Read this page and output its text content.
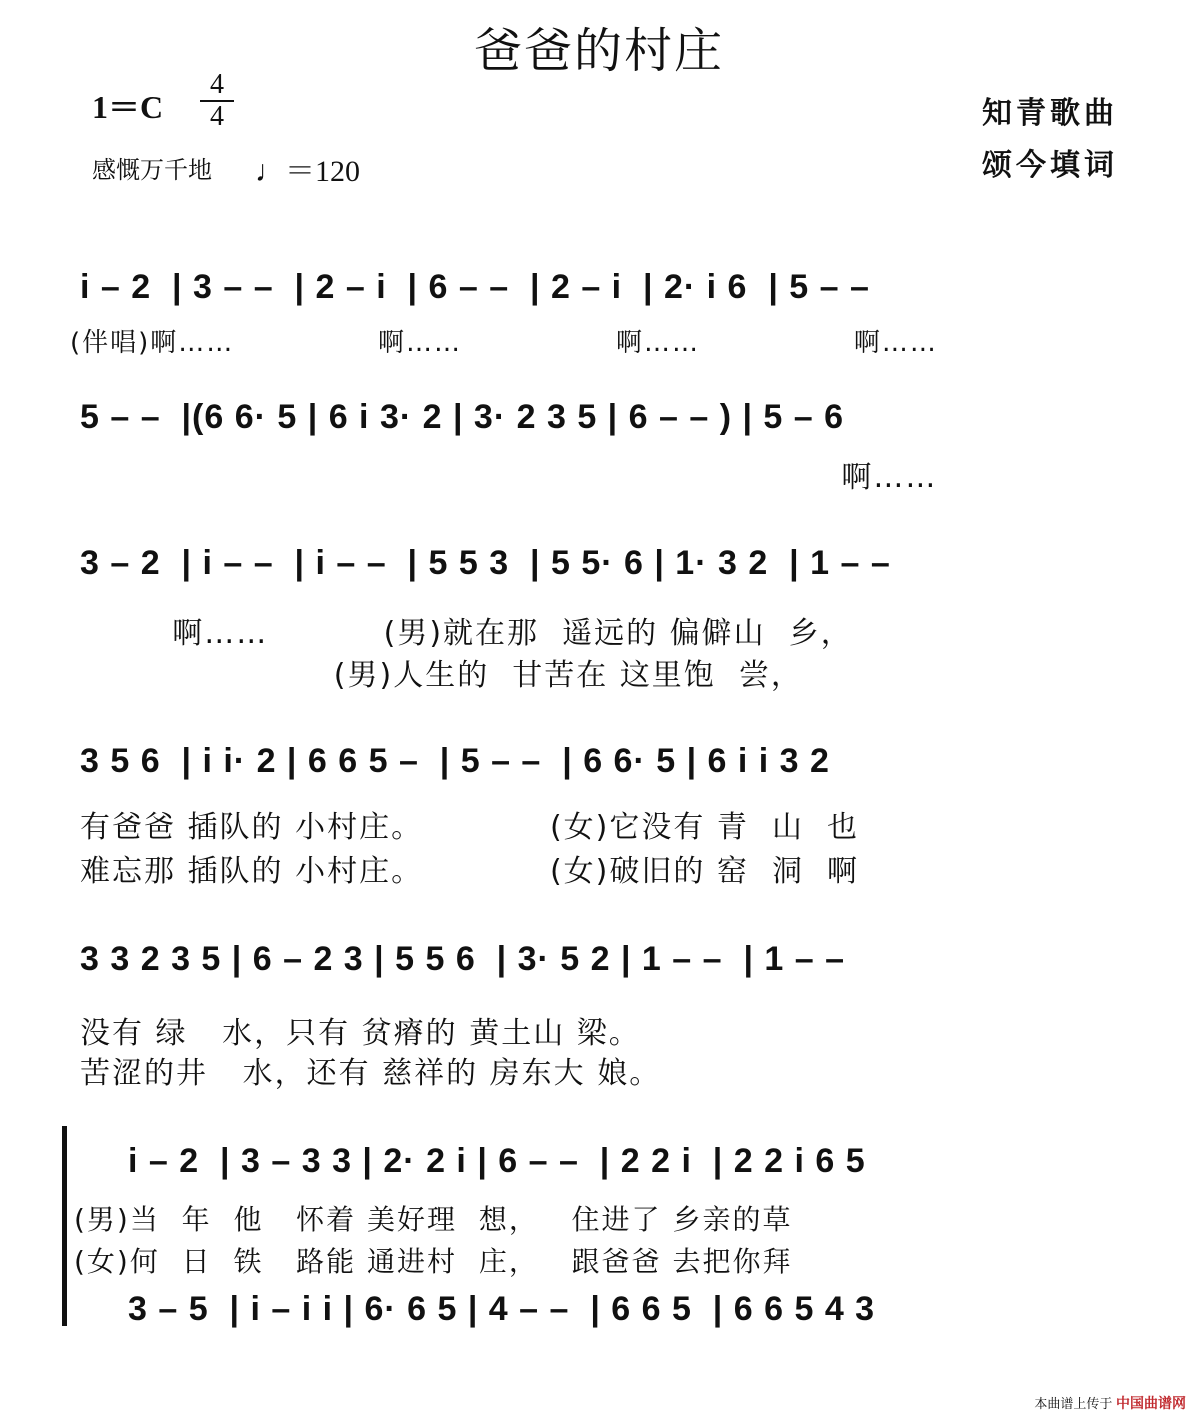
爸爸的村庄
1＝C
4
4
感慨万千地 ♩＝120
知青歌曲
颂今填词
i – 2  | 3 – –  | 2 – i  | 6 – –  | 2 – i  | 2· i 6  | 5 – –
(伴唱)啊……              啊……               啊……               啊……
5 – –  |(6 6· 5 | 6 i 3· 2 | 3· 2 3 5 | 6 – – ) | 5 – 6
啊……
3 – 2  | i – –  | i – –  | 5 5 3  | 5 5· 6 | 1· 3 2  | 1 – –
啊……          (男)就在那  遥远的 偏僻山  乡，
(男)人生的  甘苦在 这里饱  尝，
3 5 6  | i i· 2 | 6 6 5 –  | 5 – –  | 6 6· 5 | 6 i i 3 2
有爸爸 插队的 小村庄。           (女)它没有 青  山  也
难忘那 插队的 小村庄。           (女)破旧的 窑  洞  啊
3 3 2 3 5 | 6 – 2 3 | 5 5 6  | 3· 5 2 | 1 – –  | 1 – –
没有 绿   水，只有 贫瘠的 黄土山 梁。
苦涩的井   水，还有 慈祥的 房东大 娘。
i – 2  | 3 – 3 3 | 2· 2 i | 6 – –  | 2 2 i  | 2 2 i 6 5
(男)当  年  他   怀着 美好理  想，   住进了 乡亲的草
(女)何  日  铁   路能 通进村  庄，   跟爸爸 去把你拜
3 – 5  | i – i i | 6· 6 5 | 4 – –  | 6 6 5  | 6 6 5 4 3
本曲谱上传于 中国曲谱网
